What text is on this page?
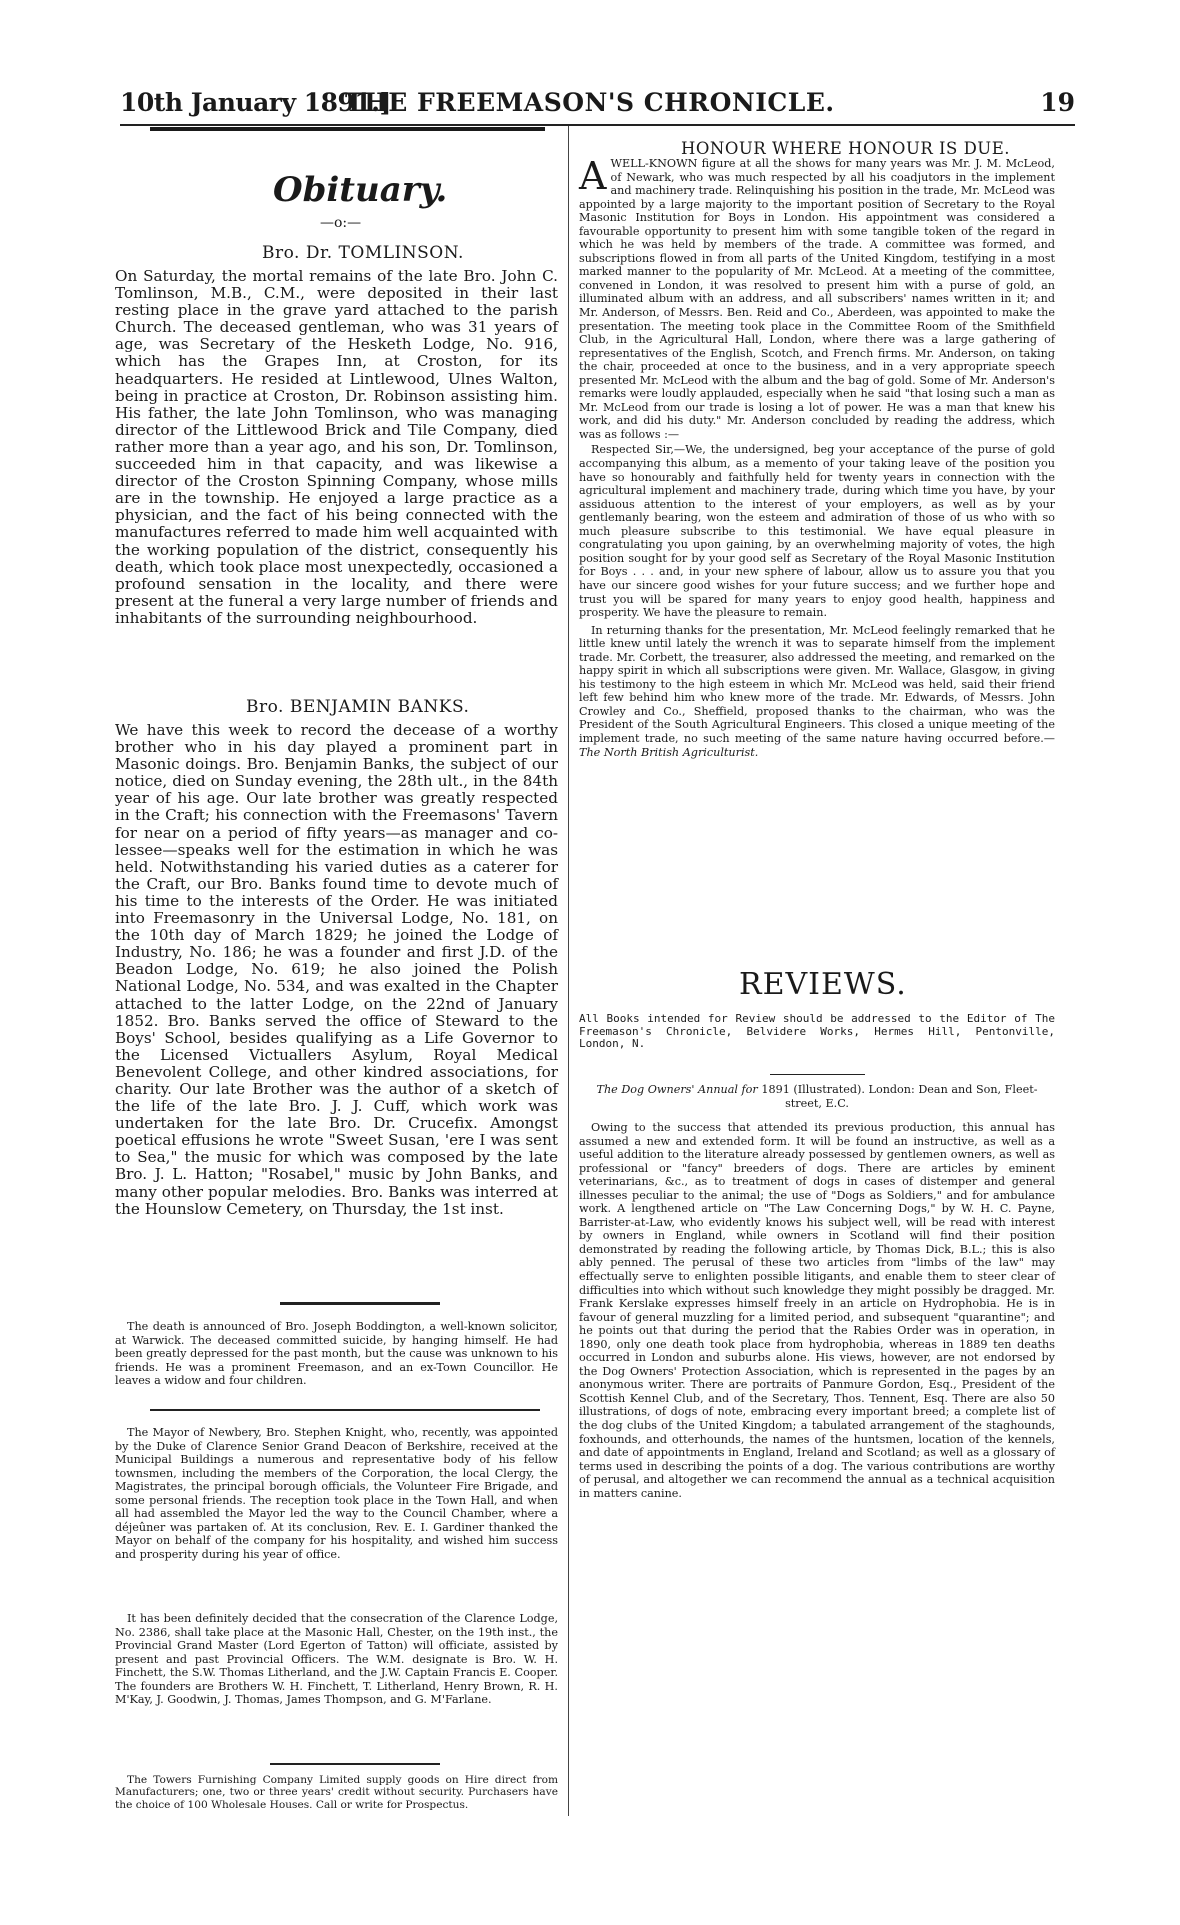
10th January 1891.]
THE FREEMASON'S CHRONICLE.	19
Obituary.
—o:—
Bro. Dr. TOMLINSON.

On Saturday, the mortal remains of the late Bro. John C. Tomlinson, M.B., C.M., were deposited in their last resting place in the grave yard attached to the parish Church. The deceased gentleman, who was 31 years of age, was Secretary of the Hesketh Lodge, No. 916, which has the Grapes Inn, at Croston, for its headquarters. He resided at Lintlewood, Ulnes Walton, being in practice at Croston, Dr. Robinson assisting him. His father, the late John Tomlinson, who was managing director of the Littlewood Brick and Tile Company, died rather more than a year ago, and his son, Dr. Tomlinson, succeeded him in that capacity, and was likewise a director of the Croston Spinning Company, whose mills are in the township. He enjoyed a large practice as a physician, and the fact of his being connected with the manufactures referred to made him well acquainted with the working population of the district, consequently his death, which took place most unexpectedly, occasioned a profound sensation in the locality, and there were present at the funeral a very large number of friends and inhabitants of the surrounding neighbourhood.

Bro. BENJAMIN BANKS.

We have this week to record the decease of a worthy brother who in his day played a prominent part in Masonic doings. Bro. Benjamin Banks, the subject of our notice, died on Sunday evening, the 28th ult., in the 84th year of his age. Our late brother was greatly respected in the Craft; his connection with the Freemasons' Tavern for near on a period of fifty years—as manager and co-lessee—speaks well for the estimation in which he was held. Notwithstanding his varied duties as a caterer for the Craft, our Bro. Banks found time to devote much of his time to the interests of the Order. He was initiated into Freemasonry in the Universal Lodge, No. 181, on the 10th day of March 1829; he joined the Lodge of Industry, No. 186; he was a founder and first J.D. of the Beadon Lodge, No. 619; he also joined the Polish National Lodge, No. 534, and was exalted in the Chapter attached to the latter Lodge, on the 22nd of January 1852. Bro. Banks served the office of Steward to the Boys' School, besides qualifying as a Life Governor to the Licensed Victuallers Asylum, Royal Medical Benevolent College, and other kindred associations, for charity. Our late Brother was the author of a sketch of the life of the late Bro. J. J. Cuff, which work was undertaken for the late Bro. Dr. Crucefix. Amongst poetical effusions he wrote "Sweet Susan, 'ere I was sent to Sea," the music for which was composed by the late Bro. J. L. Hatton; "Rosabel," music by John Banks, and many other popular melodies. Bro. Banks was interred at the Hounslow Cemetery, on Thursday, the 1st inst.

The death is announced of Bro. Joseph Boddington, a well-known solicitor, at Warwick. The deceased committed suicide, by hanging himself. He had been greatly depressed for the past month, but the cause was unknown to his friends. He was a prominent Freemason, and an ex-Town Councillor. He leaves a widow and four children.

The Mayor of Newbery, Bro. Stephen Knight, who, recently, was appointed by the Duke of Clarence Senior Grand Deacon of Berkshire, received at the Municipal Buildings a numerous and representative body of his fellow townsmen, including the members of the Corporation, the local Clergy, the Magistrates, the principal borough officials, the Volunteer Fire Brigade, and some personal friends. The reception took place in the Town Hall, and when all had assembled the Mayor led the way to the Council Chamber, where a déjeûner was partaken of. At its conclusion, Rev. E. I. Gardiner thanked the Mayor on behalf of the company for his hospitality, and wished him success and prosperity during his year of office.

It has been definitely decided that the consecration of the Clarence Lodge, No. 2386, shall take place at the Masonic Hall, Chester, on the 19th inst., the Provincial Grand Master (Lord Egerton of Tatton) will officiate, assisted by present and past Provincial Officers. The W.M. designate is Bro. W. H. Finchett, the S.W. Thomas Litherland, and the J.W. Captain Francis E. Cooper. The founders are Brothers W. H. Finchett, T. Litherland, Henry Brown, R. H. M'Kay, J. Goodwin, J. Thomas, James Thompson, and G. M'Farlane.

The Towers Furnishing Company Limited supply goods on Hire direct from Manufacturers; one, two or three years' credit without security. Purchasers have the choice of 100 Wholesale Houses. Call or write for Prospectus.

HONOUR WHERE HONOUR IS DUE.

AWELL-KNOWN figure at all the shows for many years was Mr. J. M. McLeod, of Newark, who was much respected by all his coadjutors in the implement and machinery trade. Relinquishing his position in the trade, Mr. McLeod was appointed by a large majority to the important position of Secretary to the Royal Masonic Institution for Boys in London. His appointment was considered a favourable opportunity to present him with some tangible token of the regard in which he was held by members of the trade. A committee was formed, and subscriptions flowed in from all parts of the United Kingdom, testifying in a most marked manner to the popularity of Mr. McLeod. At a meeting of the committee, convened in London, it was resolved to present him with a purse of gold, an illuminated album with an address, and all subscribers' names written in it; and Mr. Anderson, of Messrs. Ben. Reid and Co., Aberdeen, was appointed to make the presentation. The meeting took place in the Committee Room of the Smithfield Club, in the Agricultural Hall, London, where there was a large gathering of representatives of the English, Scotch, and French firms. Mr. Anderson, on taking the chair, proceeded at once to the business, and in a very appropriate speech presented Mr. McLeod with the album and the bag of gold. Some of Mr. Anderson's remarks were loudly applauded, especially when he said "that losing such a man as Mr. McLeod from our trade is losing a lot of power. He was a man that knew his work, and did his duty." Mr. Anderson concluded by reading the address, which was as follows :—

Respected Sir,—We, the undersigned, beg your acceptance of the purse of gold accompanying this album, as a memento of your taking leave of the position you have so honourably and faithfully held for twenty years in connection with the agricultural implement and machinery trade, during which time you have, by your assiduous attention to the interest of your employers, as well as by your gentlemanly bearing, won the esteem and admiration of those of us who with so much pleasure subscribe to this testimonial. We have equal pleasure in congratulating you upon gaining, by an overwhelming majority of votes, the high position sought for by your good self as Secretary of the Royal Masonic Institution for Boys . . . and, in your new sphere of labour, allow us to assure you that you have our sincere good wishes for your future success; and we further hope and trust you will be spared for many years to enjoy good health, happiness and prosperity. We have the pleasure to remain.

In returning thanks for the presentation, Mr. McLeod feelingly remarked that he little knew until lately the wrench it was to separate himself from the implement trade. Mr. Corbett, the treasurer, also addressed the meeting, and remarked on the happy spirit in which all subscriptions were given. Mr. Wallace, Glasgow, in giving his testimony to the high esteem in which Mr. McLeod was held, said their friend left few behind him who knew more of the trade. Mr. Edwards, of Messrs. John Crowley and Co., Sheffield, proposed thanks to the chairman, who was the President of the South Agricultural Engineers. This closed a unique meeting of the implement trade, no such meeting of the same nature having occurred before.—The North British Agriculturist.

REVIEWS.

All Books intended for Review should be addressed to the Editor of The Freemason's Chronicle, Belvidere Works, Hermes Hill, Pentonville, London, N.

The Dog Owners' Annual for 1891 (Illustrated). London: Dean and Son, Fleet-street, E.C.

Owing to the success that attended its previous production, this annual has assumed a new and extended form. It will be found an instructive, as well as a useful addition to the literature already possessed by gentlemen owners, as well as professional or "fancy" breeders of dogs. There are articles by eminent veterinarians, &c., as to treatment of dogs in cases of distemper and general illnesses peculiar to the animal; the use of "Dogs as Soldiers," and for ambulance work. A lengthened article on "The Law Concerning Dogs," by W. H. C. Payne, Barrister-at-Law, who evidently knows his subject well, will be read with interest by owners in England, while owners in Scotland will find their position demonstrated by reading the following article, by Thomas Dick, B.L.; this is also ably penned. The perusal of these two articles from "limbs of the law" may effectually serve to enlighten possible litigants, and enable them to steer clear of difficulties into which without such knowledge they might possibly be dragged. Mr. Frank Kerslake expresses himself freely in an article on Hydrophobia. He is in favour of general muzzling for a limited period, and subsequent "quarantine"; and he points out that during the period that the Rabies Order was in operation, in 1890, only one death took place from hydrophobia, whereas in 1889 ten deaths occurred in London and suburbs alone. His views, however, are not endorsed by the Dog Owners' Protection Association, which is represented in the pages by an anonymous writer. There are portraits of Panmure Gordon, Esq., President of the Scottish Kennel Club, and of the Secretary, Thos. Tennent, Esq. There are also 50 illustrations, of dogs of note, embracing every important breed; a complete list of the dog clubs of the United Kingdom; a tabulated arrangement of the staghounds, foxhounds, and otterhounds, the names of the huntsmen, location of the kennels, and date of appointments in England, Ireland and Scotland; as well as a glossary of terms used in describing the points of a dog. The various contributions are worthy of perusal, and altogether we can recommend the annual as a technical acquisition in matters canine.
